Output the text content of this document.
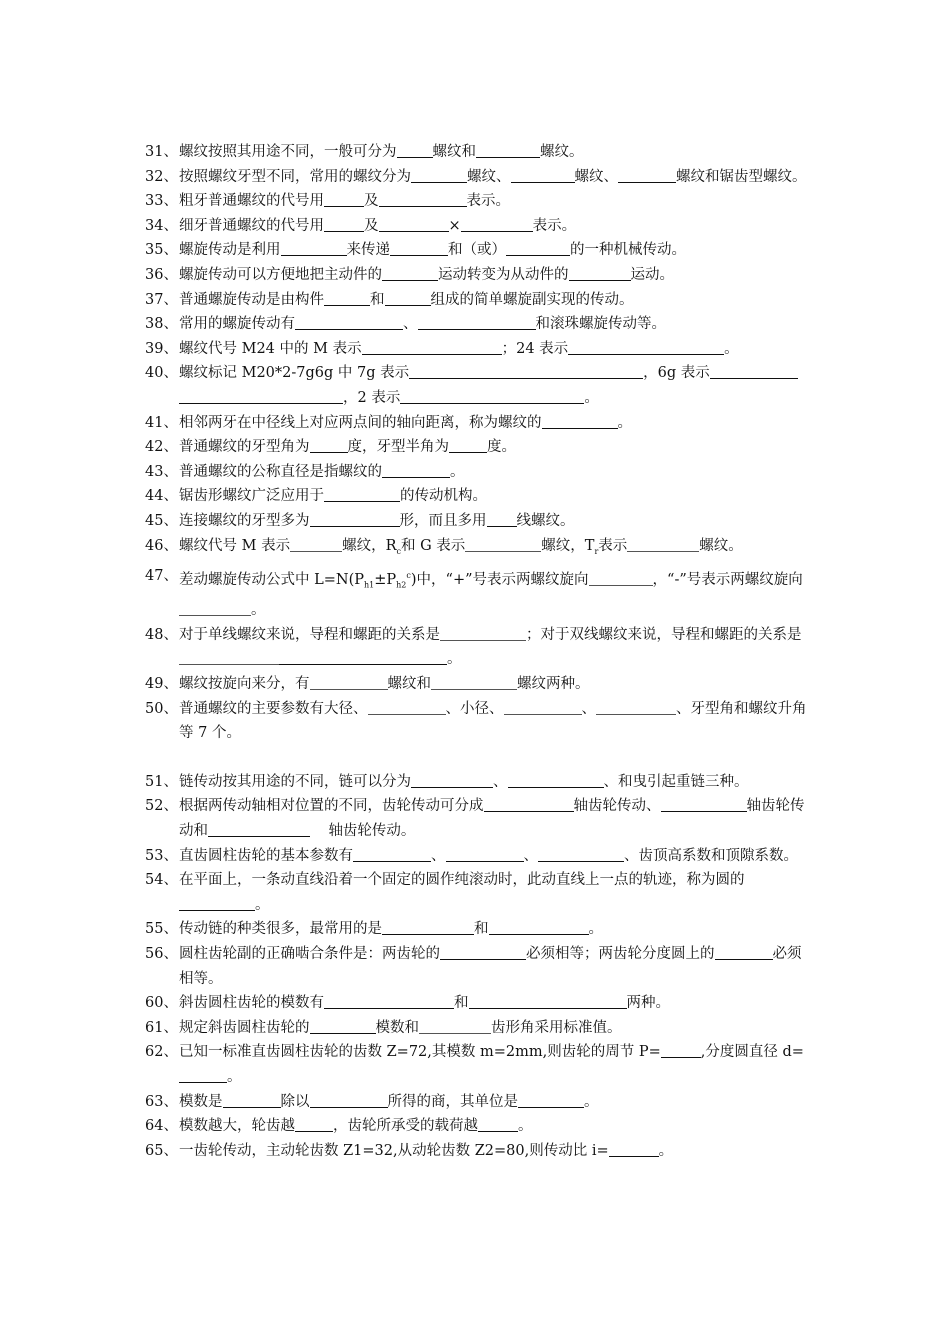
31、 螺纹按照其用途不同，一般可分为 螺纹和	螺纹。
32、 按照螺纹牙型不同，常用的螺纹分为	螺纹、	螺纹、	螺纹和锯齿型螺纹。
33、 粗牙普通螺纹的代号用	及	表示。
34、 细牙普通螺纹的代号用	及	×	表示。
35、 螺旋传动是利用	来传递	和（或）	的一种机械传动。
36、 螺旋传动可以方便地把主动件的	运动转变为从动件的	运动。
37、 普通螺旋传动是由构件	和	组成的简单螺旋副实现的传动。
38、 常用的螺旋传动有	、	和滚珠螺旋传动等。
39、 螺纹代号 M24 中的 M 表示	；24 表示	。
40、 螺纹标记 M20*2-7g6g 中 7g 表示	，6g 表示，2 表示	。
41、 相邻两牙在中径线上对应两点间的轴向距离，称为螺纹的	。
42、 普通螺纹的牙型角为	度，牙型半角为	度。
43、 普通螺纹的公称直径是指螺纹的	。
44、 锯齿形螺纹广泛应用于	的传动机构。
45、 连接螺纹的牙型多为	形，而且多用 线螺纹。
46、 螺纹代号 M 表示	螺纹，$R_c$和 G 表示	螺纹，$T_r$表示	螺纹。
47、 差动螺旋传动公式中 $L=N(P_{h1}\pm P_{h2}^c)$中，“+”号表示两螺纹旋向	，“-”号表示两螺纹旋向。
48、 对于单线螺纹来说，导程和螺距的关系是	；对于双线螺纹来说，导程和螺距的关系是。
49、 螺纹按旋向来分，有	螺纹和	螺纹两种。
50、 普通螺纹的主要参数有大径、	、小径、	、	、牙型角和螺纹升角等 7 个。
51、 链传动按其用途的不同，链可以分为	、	、和曳引起重链三种。
52、 根据两传动轴相对位置的不同，齿轮传动可分成	轴齿轮传动、	轴齿轮传动和	轴齿轮传动。
53、 直齿圆柱齿轮的基本参数有	、	、	、齿顶高系数和顶隙系数。
54、 在平面上，一条动直线沿着一个固定的圆作纯滚动时，此动直线上一点的轨迹，称为圆的。
55、 传动链的种类很多，最常用的是	和	。
56、 圆柱齿轮副的正确啮合条件是：两齿轮的	必须相等；两齿轮分度圆上的	必须相等。
60、 斜齿圆柱齿轮的模数有	和	两种。
61、 规定斜齿圆柱齿轮的	模数和	齿形角采用标准值。
62、 已知一标准直齿圆柱齿轮的齿数 Z=72,其模数 m=2mm,则齿轮的周节 P=	,分度圆直径 d=。
63、 模数是	除以	所得的商，其单位是	。
64、 模数越大，轮齿越	，齿轮所承受的载荷越	。
65、 一齿轮传动，主动轮齿数 Z1=32,从动轮齿数 Z2=80,则传动比 i=	。
